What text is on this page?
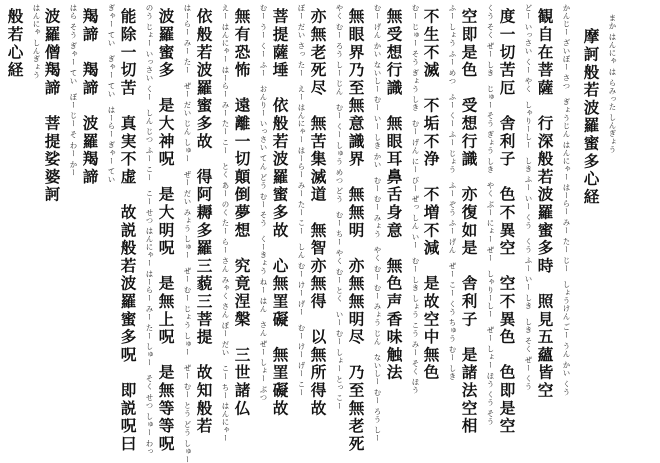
まか はんにゃ は らみった しんぎょう
摩訶般若波羅蜜多心経
かんじー ざいぼー さつ　ぎょうじん はんにゃー はーらー みー たー じー　しょうけん ごー うん かい くう
観自在菩薩　行深般若波羅蜜多時　照見五蘊皆空
どー いっさい くー やく　しゃりーしー　しき ふー いー くう　くう ふー いー しき　しき そく ぜー くう
度一切苦厄　舎利子　色不異空　空不異色　色即是空
くう そく ぜー しき　じゅー そう ぎょう しき　やく ぶー にょー ぜー　しゃりーしー　ぜー しょー ほう くう そう
空即是色　受想行識　亦復如是　舎利子　是諸法空相
ふー しょう ふー めつ　ふー くー ふー じょう　ふー ぞう ふー げん　ぜー こー くう ちゅう むー しき
不生不滅　不垢不浄　不増不減　是故空中無色
むー じゅー そう ぎょう しき　むー げん にー びー ぜっ しん いー　むー しき しょう こう みー そく ほう
無受想行識　無眼耳鼻舌身意　無色声香味触法
むー げん かい ないしー むー いー しき かい　むー むー みょう　やく むー むー みょう じん　ないしー むー ろう しー
無眼界乃至無意識界　無無明　亦無無明尽　乃至無老死
やく むー ろう しー じん　むー くー しゅう めつ どう　むー ちー やく むー とく　いー むー しょー とっ こー
亦無老死尽　無苦集滅道　無智亦無得　以無所得故
ぼー だい さっ たー　えー はんにゃー はーらー みー たー こー　しん むー けー げー　むー けー げー こー
菩提薩埵　依般若波羅蜜多故　心無罣礙　無罣礙故
むー うー くー ふー　おんりー いっさい てん どう むー そう　くーきょう ねー はん　さん ぜー しょー ぶつ
無有恐怖　遠離一切顛倒夢想　究竟涅槃　三世諸仏
えー はんにゃー はーらー みー たー こー　とく あー のく たー らー さん みゃく さん ぼー だい　こー ちー はんにゃー
依般若波羅蜜多故　得阿耨多羅三藐三菩提　故知般若
はーらー みー たー　ぜー だい じん しゅー　ぜー だい みょう しゅー　ぜー むー じょう しゅー　ぜー むー とう どう しゅー
波羅蜜多　是大神呪　是大明呪　是無上呪　是無等等呪
のう じょー いっさい くー　しん じつ ふー こー　こー せつ はんにゃー はーらー みー たー しゅー　そく せつ しゅー わっ
能除一切苦　真実不虚　故説般若波羅蜜多呪　即説呪曰
ぎゃー てい　ぎゃー てい　はーらー ぎゃー てい
羯諦　羯諦　波羅羯諦
はら そう ぎゃー てい　ぼー じー そ わー かー
波羅僧羯諦　菩提娑婆訶
はんにゃ しんぎょう
般若心経
